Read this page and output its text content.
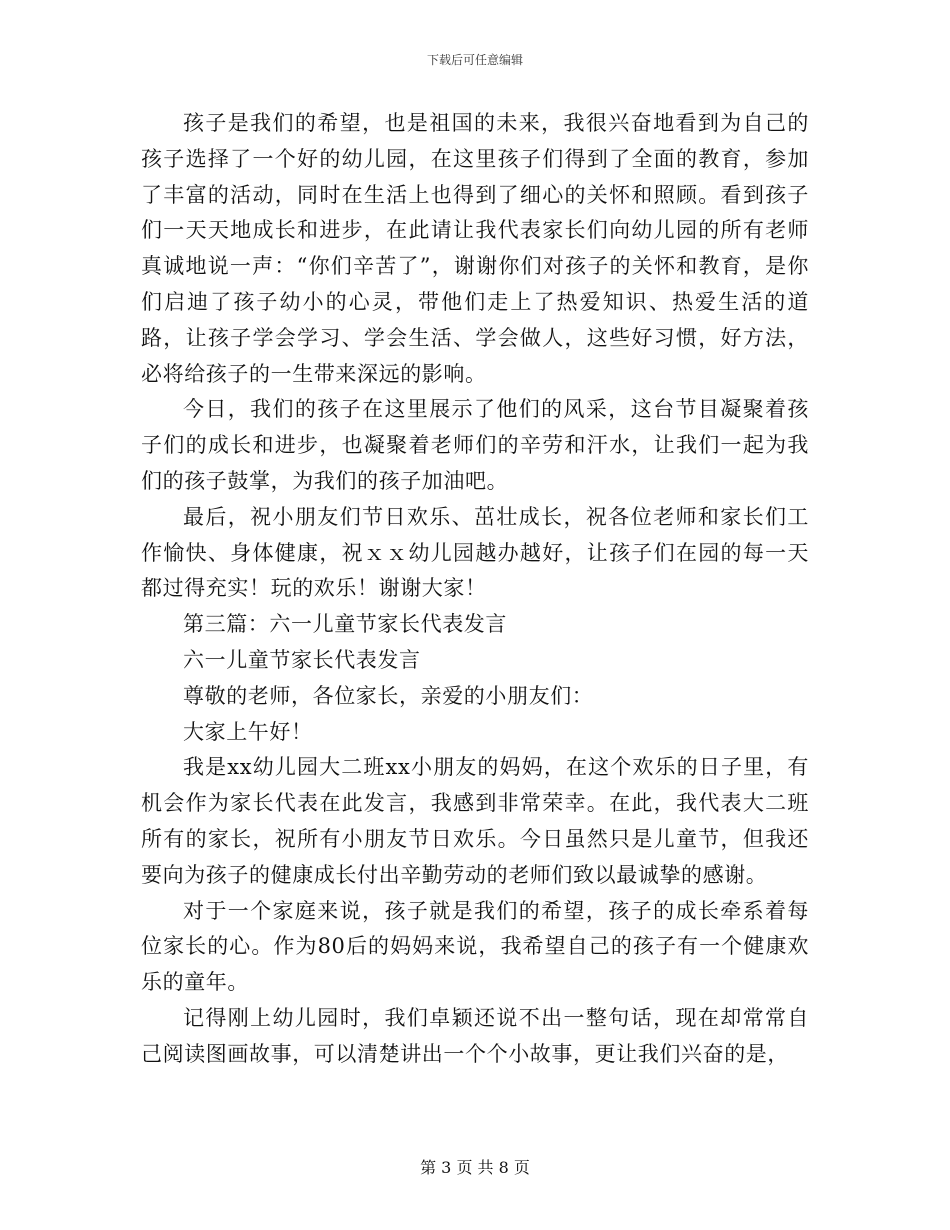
下载后可任意编辑

孩子是我们的希望，也是祖国的未来，我很兴奋地看到为自己的孩子选择了一个好的幼儿园，在这里孩子们得到了全面的教育，参加了丰富的活动，同时在生活上也得到了细心的关怀和照顾。看到孩子们一天天地成长和进步，在此请让我代表家长们向幼儿园的所有老师真诚地说一声：“你们辛苦了”，谢谢你们对孩子的关怀和教育，是你们启迪了孩子幼小的心灵，带他们走上了热爱知识、热爱生活的道路，让孩子学会学习、学会生活、学会做人，这些好习惯，好方法，必将给孩子的一生带来深远的影响。

今日，我们的孩子在这里展示了他们的风采，这台节目凝聚着孩子们的成长和进步，也凝聚着老师们的辛劳和汗水，让我们一起为我们的孩子鼓掌，为我们的孩子加油吧。

最后，祝小朋友们节日欢乐、茁壮成长，祝各位老师和家长们工作愉快、身体健康，祝ｘｘ幼儿园越办越好，让孩子们在园的每一天都过得充实！玩的欢乐！谢谢大家！

第三篇：六一儿童节家长代表发言

六一儿童节家长代表发言

尊敬的老师，各位家长，亲爱的小朋友们：

大家上午好！

我是xx幼儿园大二班xx小朋友的妈妈，在这个欢乐的日子里，有机会作为家长代表在此发言，我感到非常荣幸。在此，我代表大二班所有的家长，祝所有小朋友节日欢乐。今日虽然只是儿童节，但我还要向为孩子的健康成长付出辛勤劳动的老师们致以最诚挚的感谢。

对于一个家庭来说，孩子就是我们的希望，孩子的成长牵系着每位家长的心。作为80后的妈妈来说，我希望自己的孩子有一个健康欢乐的童年。

记得刚上幼儿园时，我们卓颖还说不出一整句话，现在却常常自己阅读图画故事，可以清楚讲出一个个小故事，更让我们兴奋的是，

第 3 页 共 8 页
